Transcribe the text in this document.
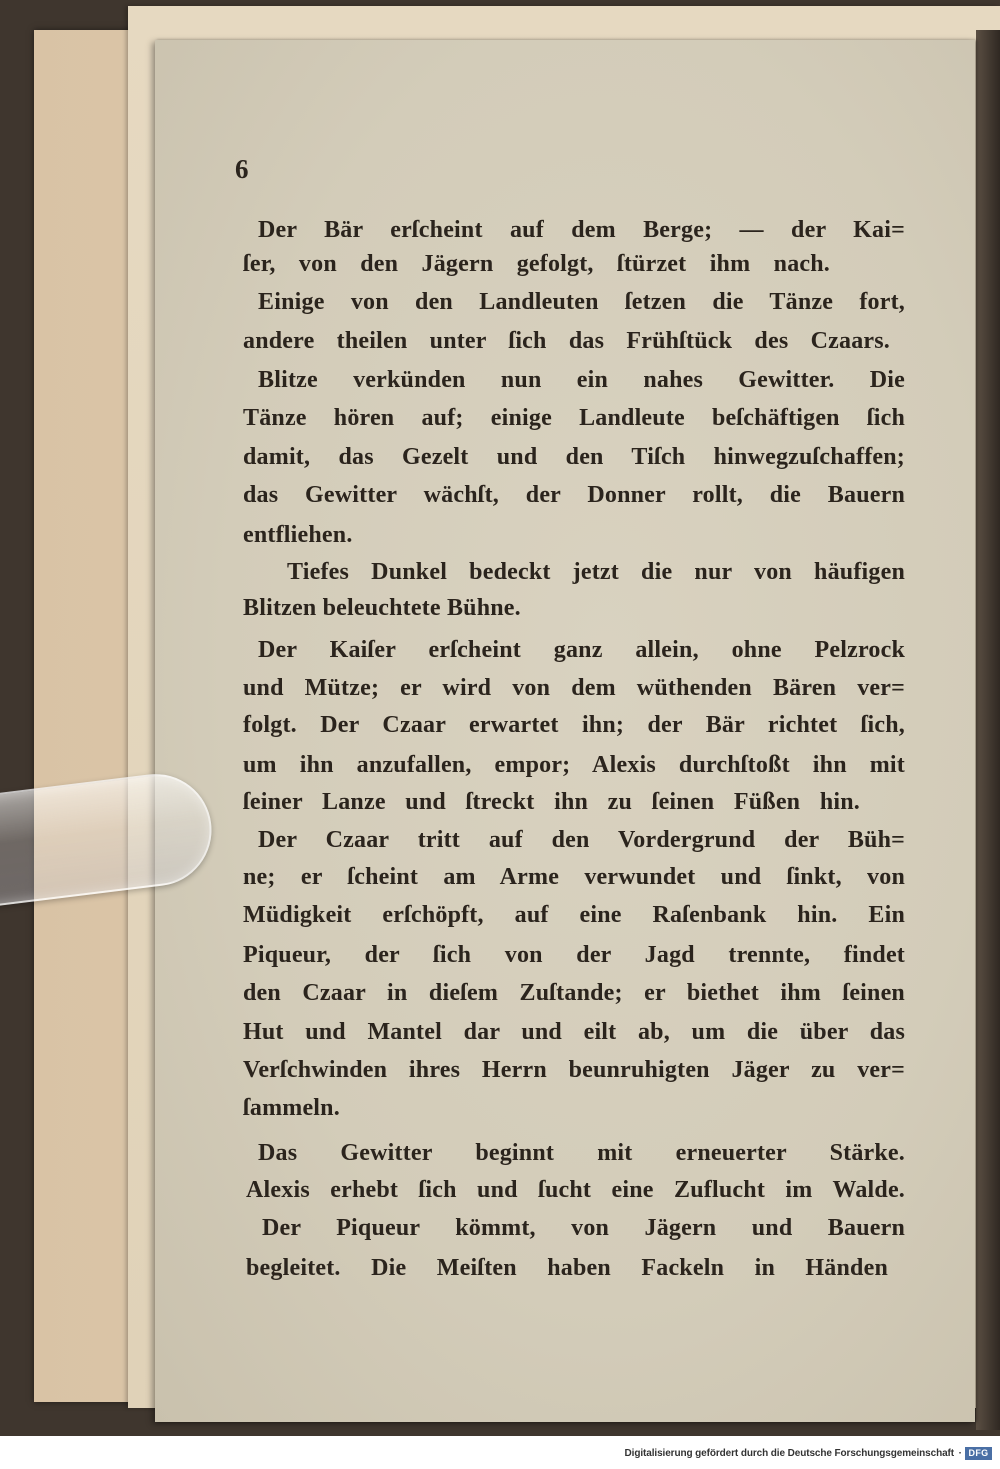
6
Der Bär erſcheint auf dem Berge; — der Kai=
ſer, von den Jägern gefolgt, ſtürzet ihm nach.
Einige von den Landleuten ſetzen die Tänze fort,
andere theilen unter ſich das Frühſtück des Czaars.
Blitze verkünden nun ein nahes Gewitter. Die
Tänze hören auf; einige Landleute beſchäftigen ſich
damit, das Gezelt und den Tiſch hinwegzuſchaffen;
das Gewitter wächſt, der Donner rollt, die Bauern
entfliehen.
Tiefes Dunkel bedeckt jetzt die nur von häufigen
Blitzen beleuchtete Bühne.
Der Kaiſer erſcheint ganz allein, ohne Pelzrock
und Mütze; er wird von dem wüthenden Bären ver=
folgt. Der Czaar erwartet ihn; der Bär richtet ſich,
um ihn anzufallen, empor; Alexis durchſtoßt ihn mit
ſeiner Lanze und ſtreckt ihn zu ſeinen Füßen hin.
Der Czaar tritt auf den Vordergrund der Büh=
ne; er ſcheint am Arme verwundet und ſinkt, von
Müdigkeit erſchöpft, auf eine Raſenbank hin. Ein
Piqueur, der ſich von der Jagd trennte, findet
den Czaar in dieſem Zuſtande; er biethet ihm ſeinen
Hut und Mantel dar und eilt ab, um die über das
Verſchwinden ihres Herrn beunruhigten Jäger zu ver=
ſammeln.
Das Gewitter beginnt mit erneuerter Stärke.
Alexis erhebt ſich und ſucht eine Zuflucht im Walde.
Der Piqueur kömmt, von Jägern und Bauern
begleitet. Die Meiſten haben Fackeln in Händen
Digitalisierung gefördert durch die Deutsche Forschungsgemeinschaft · DFG
